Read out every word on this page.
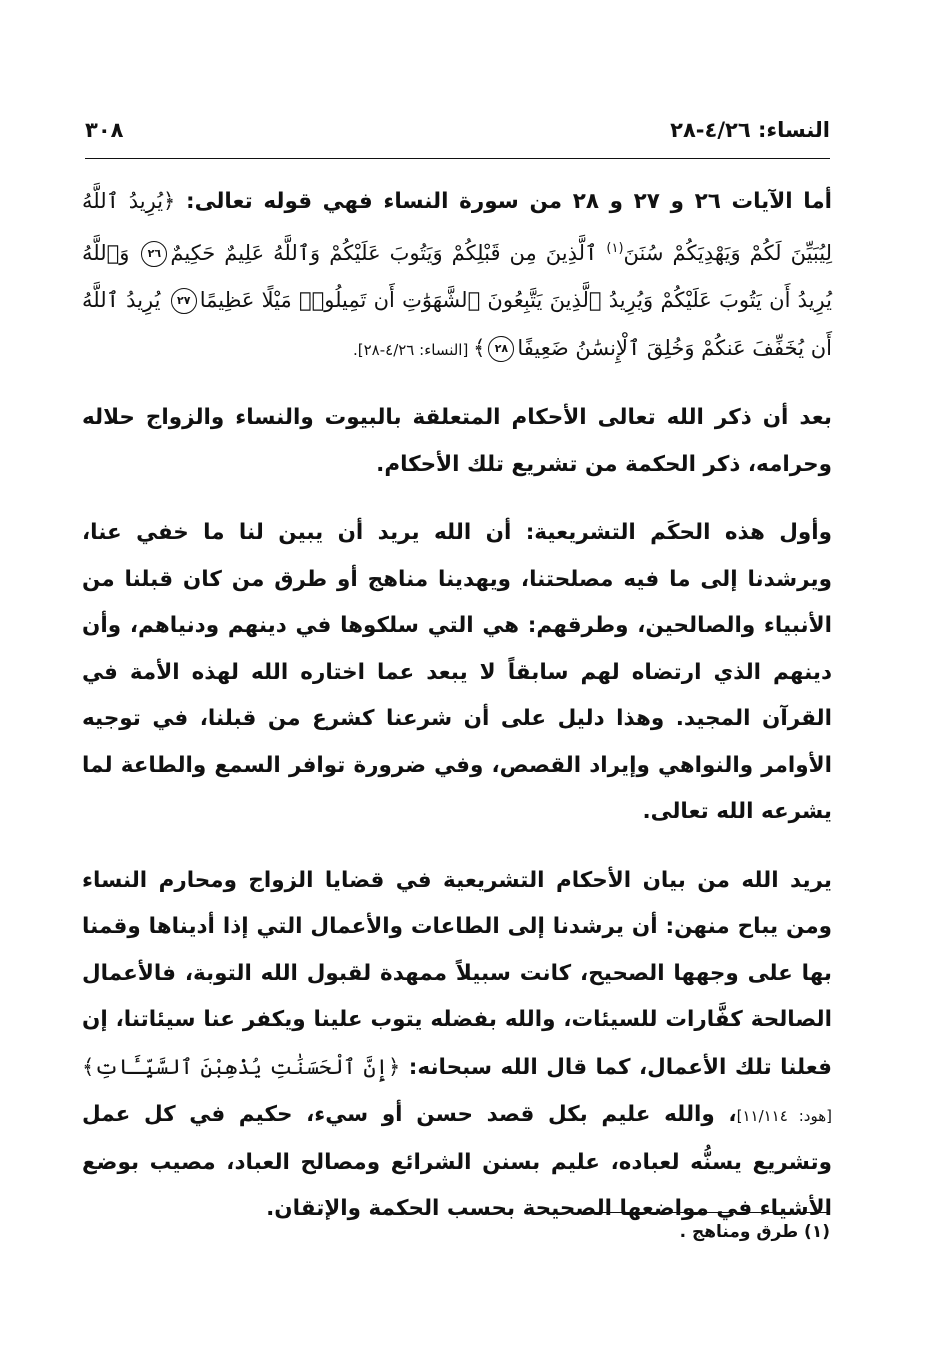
النساء: ٤/٢٦-٢٨
٣٠٨

أما الآيات ٢٦ و ٢٧ و ٢٨ من سورة النساء فهي قوله تعالى: ﴿يُرِيدُ ٱللَّهُ لِيُبَيِّنَ لَكُمْ وَيَهْدِيَكُمْ سُنَنَ$^{(١)}$ ٱلَّذِينَ مِن قَبْلِكُمْ وَيَتُوبَ عَلَيْكُمْ وَٱللَّهُ عَلِيمٌ حَكِيمٌ٢٦ وَٱللَّهُ يُرِيدُ أَن يَتُوبَ عَلَيْكُمْ وَيُرِيدُ ٱلَّذِينَ يَتَّبِعُونَ ٱلشَّهَوَٰتِ أَن تَمِيلُوا۟ مَيْلًا عَظِيمًا٢٧ يُرِيدُ ٱللَّهُ أَن يُخَفِّفَ عَنكُمْ وَخُلِقَ ٱلْإِنسَٰنُ ضَعِيفًا٢٨﴾ [النساء: ٤/٢٦-٢٨].

بعد أن ذكر الله تعالى الأحكام المتعلقة بالبيوت والنساء والزواج حلاله وحرامه، ذكر الحكمة من تشريع تلك الأحكام.

وأول هذه الحكَم التشريعية: أن الله يريد أن يبين لنا ما خفي عنا، ويرشدنا إلى ما فيه مصلحتنا، ويهدينا مناهج أو طرق من كان قبلنا من الأنبياء والصالحين، وطرقهم: هي التي سلكوها في دينهم ودنياهم، وأن دينهم الذي ارتضاه لهم سابقاً لا يبعد عما اختاره الله لهذه الأمة في القرآن المجيد. وهذا دليل على أن شرعنا كشرع من قبلنا، في توجيه الأوامر والنواهي وإيراد القصص، وفي ضرورة توافر السمع والطاعة لما يشرعه الله تعالى.

يريد الله من بيان الأحكام التشريعية في قضايا الزواج ومحارم النساء ومن يباح منهن: أن يرشدنا إلى الطاعات والأعمال التي إذا أديناها وقمنا بها على وجهها الصحيح، كانت سبيلاً ممهدة لقبول الله التوبة، فالأعمال الصالحة كفَّارات للسيئات، والله بفضله يتوب علينا ويكفر عنا سيئاتنا، إن فعلنا تلك الأعمال، كما قال الله سبحانه: ﴿إِنَّ ٱلْحَسَنَٰتِ يُذْهِبْنَ ٱلسَّيِّـَٔاتِ﴾ [هود: ١١/١١٤]، والله عليم بكل قصد حسن أو سيء، حكيم في كل عمل وتشريع يسنُّه لعباده، عليم بسنن الشرائع ومصالح العباد، مصيب بوضع الأشياء في مواضعها الصحيحة بحسب الحكمة والإتقان.

(١) طرق ومناهج .
